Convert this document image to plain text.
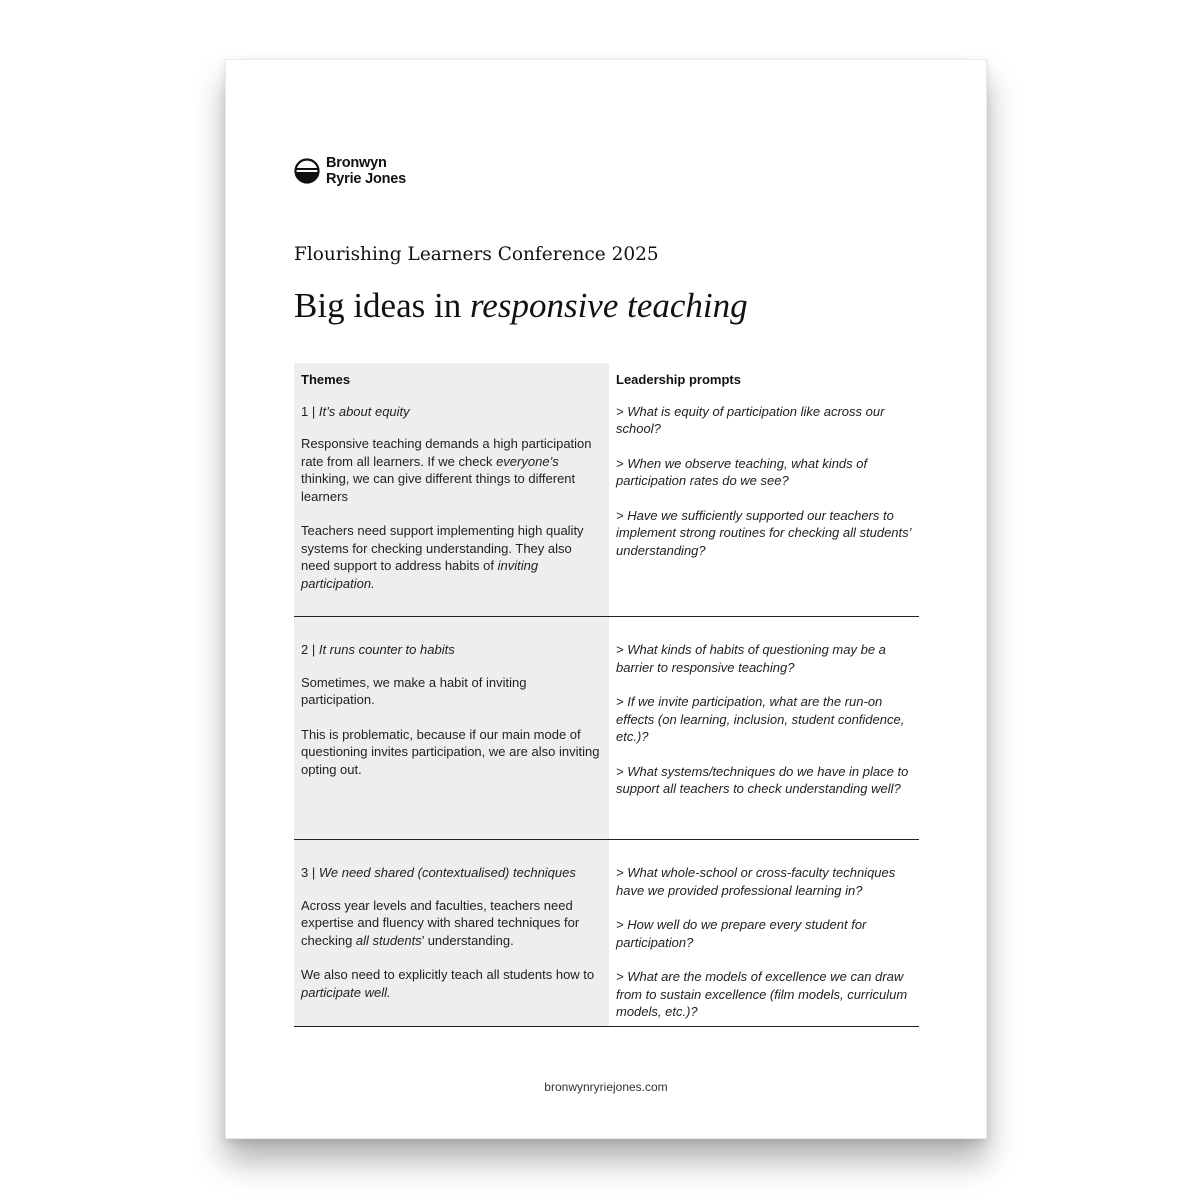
Bronwyn
Ryrie Jones
Flourishing Learners Conference 2025
Big ideas in responsive teaching
Themes
1 | It’s about equity
Responsive teaching demands a high participation rate from all learners. If we check everyone’s thinking, we can give different things to different learners
Teachers need support implementing high quality systems for checking understanding. They also need support to address habits of inviting participation.
Leadership prompts
> What is equity of participation like across our school?
> When we observe teaching, what kinds of participation rates do we see?
> Have we sufficiently supported our teachers to implement strong routines for checking all students’ understanding?
2 | It runs counter to habits
Sometimes, we make a habit of inviting participation.
This is problematic, because if our main mode of questioning invites participation, we are also inviting opting out.
> What kinds of habits of questioning may be a barrier to responsive teaching?
> If we invite participation, what are the run-on effects (on learning, inclusion, student confidence, etc.)?
> What systems/techniques do we have in place to support all teachers to check understanding well?
3 | We need shared (contextualised) techniques
Across year levels and faculties, teachers need expertise and fluency with shared techniques for checking all students’ understanding.
We also need to explicitly teach all students how to participate well.
> What whole-school or cross-faculty techniques have we provided professional learning in?
> How well do we prepare every student for participation?
> What are the models of excellence we can draw from to sustain excellence (film models, curriculum models, etc.)?
bronwynryriejones.com
